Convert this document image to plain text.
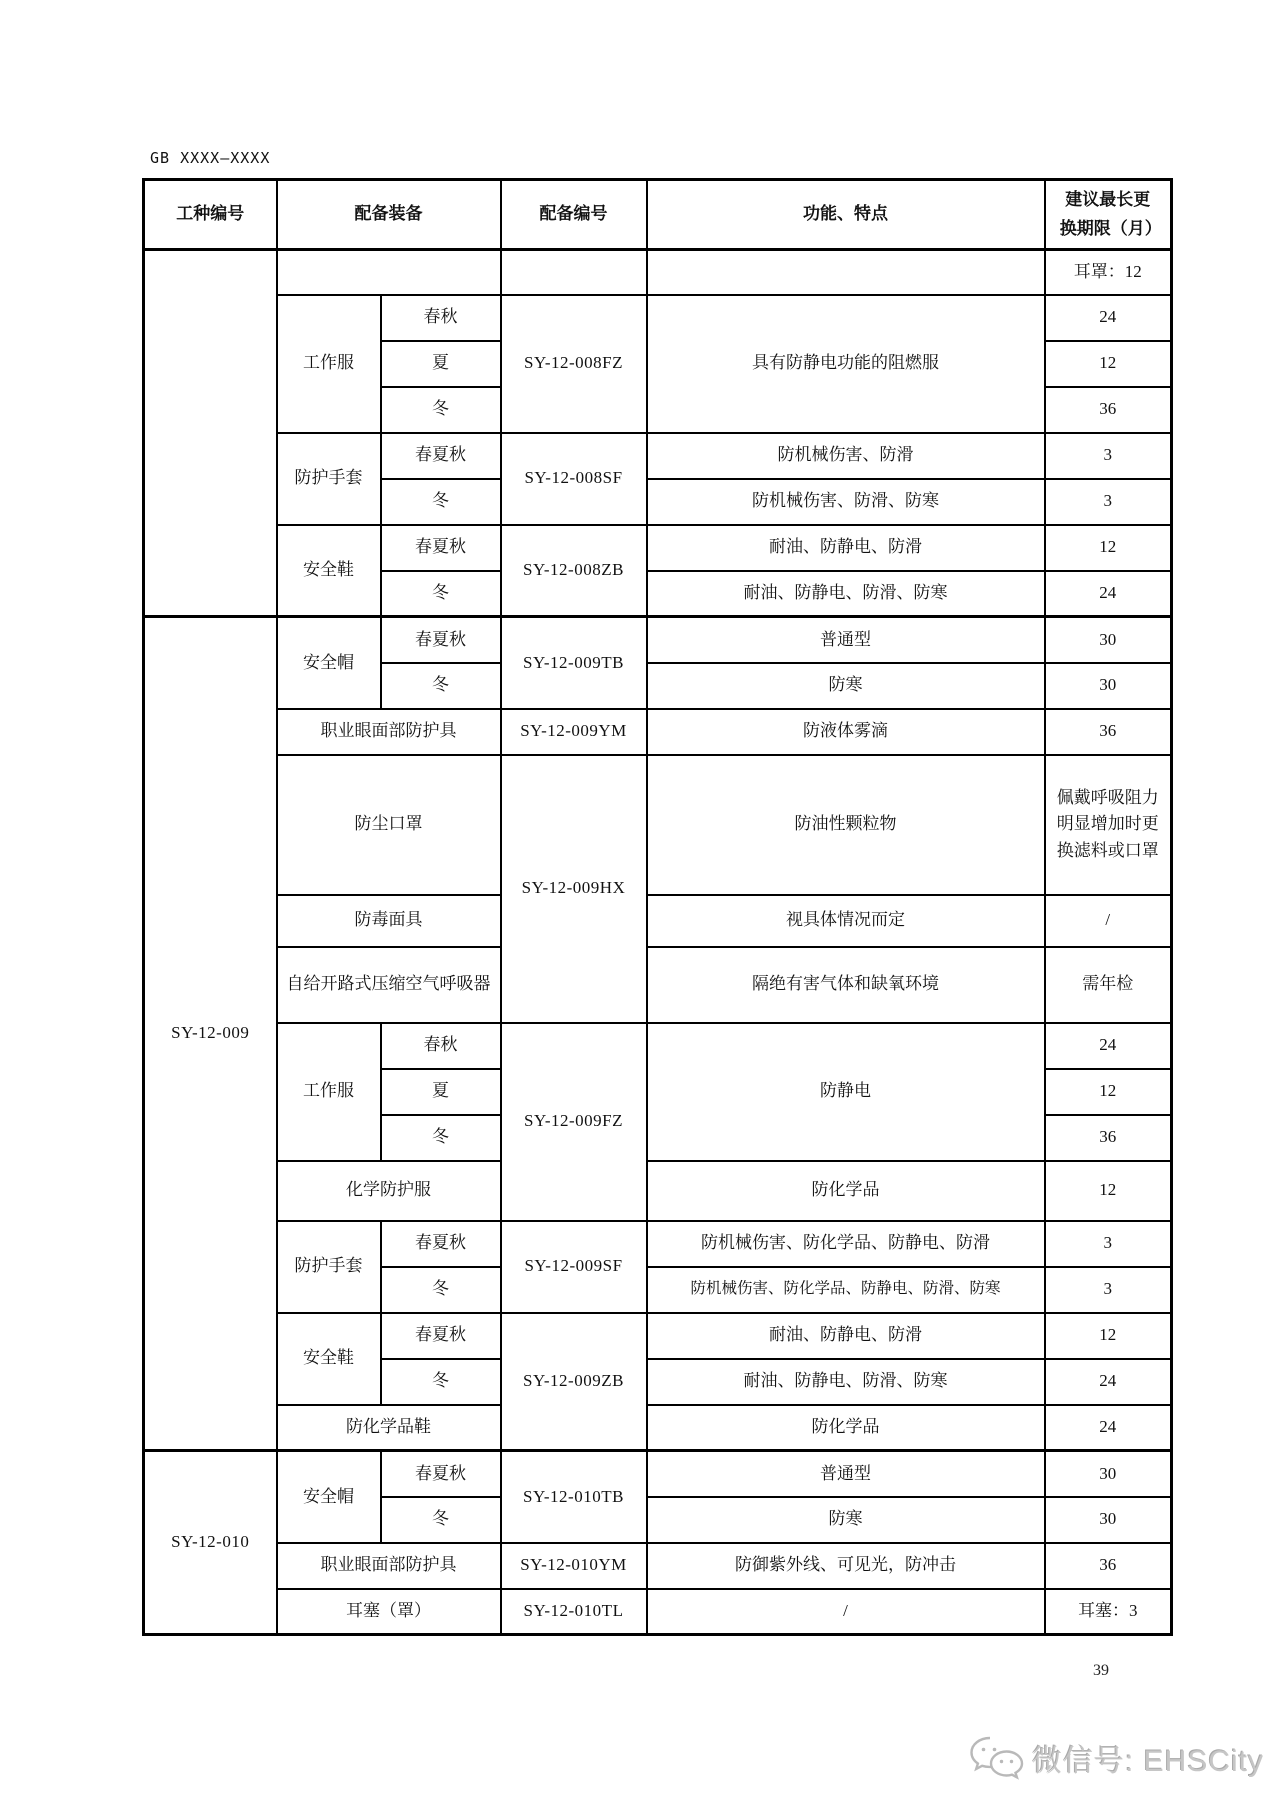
GB XXXX—XXXX
工种编号	配备装备		配备编号	功能、特点	建议最长更换期限（月）
					耳罩：12
	工作服	春秋	SY-12-008FZ	具有防静电功能的阻燃服	24
		夏			12
		冬			36
	防护手套	春夏秋	SY-12-008SF	防机械伤害、防滑	3
		冬		防机械伤害、防滑、防寒	3
	安全鞋	春夏秋	SY-12-008ZB	耐油、防静电、防滑	12
		冬		耐油、防静电、防滑、防寒	24
SY-12-009	安全帽	春夏秋	SY-12-009TB	普通型	30
		冬		防寒	30
	职业眼面部防护具		SY-12-009YM	防液体雾滴	36
	防尘口罩		SY-12-009HX	防油性颗粒物	佩戴呼吸阻力明显增加时更换滤料或口罩
	防毒面具			视具体情况而定	/
	自给开路式压缩空气呼吸器			隔绝有害气体和缺氧环境	需年检
	工作服	春秋	SY-12-009FZ	防静电	24
		夏			12
		冬			36
	化学防护服			防化学品	12
	防护手套	春夏秋	SY-12-009SF	防机械伤害、防化学品、防静电、防滑	3
		冬		防机械伤害、防化学品、防静电、防滑、防寒	3
	安全鞋	春夏秋	SY-12-009ZB	耐油、防静电、防滑	12
		冬		耐油、防静电、防滑、防寒	24
	防化学品鞋			防化学品	24
SY-12-010	安全帽	春夏秋	SY-12-010TB	普通型	30
		冬		防寒	30
	职业眼面部防护具		SY-12-010YM	防御紫外线、可见光，防冲击	36
	耳塞（罩）		SY-12-010TL	/	耳塞：3
39
微信号: EHSCity
